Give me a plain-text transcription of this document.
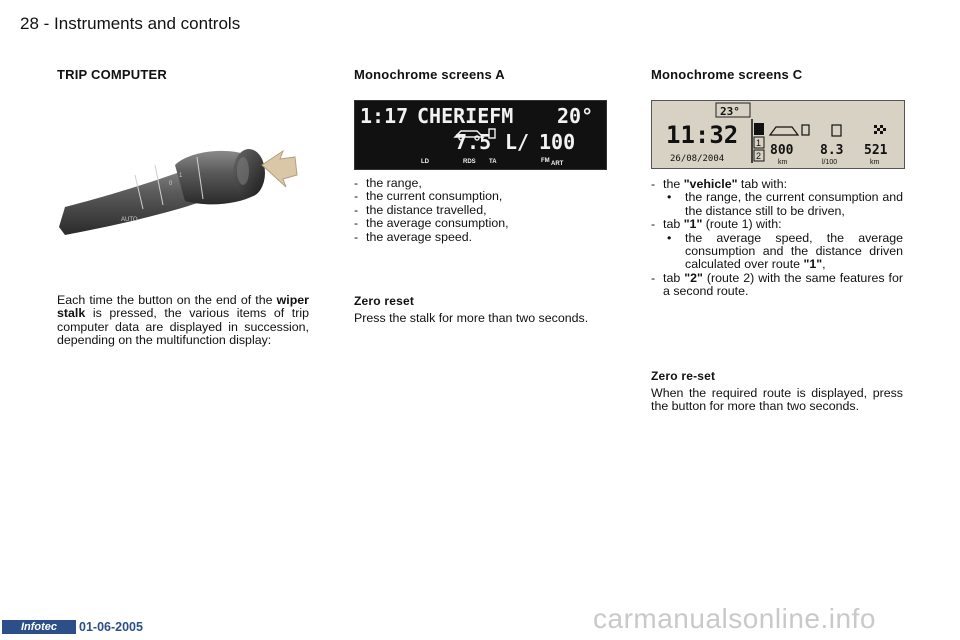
28 - Instruments and controls
TRIP COMPUTER
AUTO
0
1

Each time the button on the end of the wiper stalk is pressed, the various items of trip computer data are displayed in succession, depending on the multifunction display:

Monochrome screens A
1:17 CHERIEFM 20°
7.5 L/ 100
LD	RDS TA	FM ART
- the range,
- the current consumption,
- the distance travelled,
- the average consumption,
- the average speed.
Zero reset
Press the stalk for more than two seconds.
Monochrome screens C
23°
11:32
26/08/2004
1
2 800 8.3 521
km	l/100	km
- the "vehicle" tab with:
• the range, the current consumption and the distance still to be driven,
- tab "1" (route 1) with:
• the average speed, the average consumption and the distance driven calculated over route "1",
- tab "2" (route 2) with the same features for a second route.
Zero re-set
When the required route is displayed, press the button for more than two seconds.
Infotec	01-06-2005	carmanualsonline.info
